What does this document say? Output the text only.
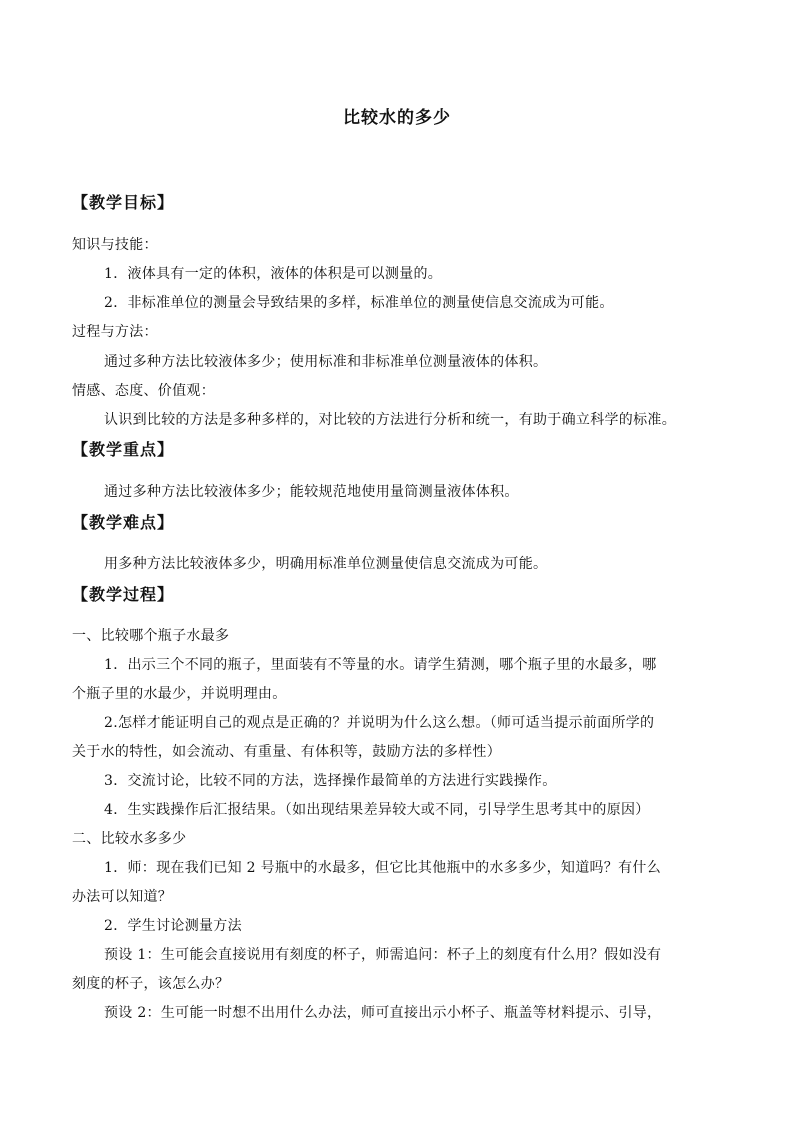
比较水的多少
【教学目标】
知识与技能：
1．液体具有一定的体积，液体的体积是可以测量的。
2．非标准单位的测量会导致结果的多样，标准单位的测量使信息交流成为可能。
过程与方法：
通过多种方法比较液体多少；使用标准和非标准单位测量液体的体积。
情感、态度、价值观：
认识到比较的方法是多种多样的，对比较的方法进行分析和统一，有助于确立科学的标准。
【教学重点】
通过多种方法比较液体多少；能较规范地使用量筒测量液体体积。
【教学难点】
用多种方法比较液体多少，明确用标准单位测量使信息交流成为可能。
【教学过程】
一、比较哪个瓶子水最多
1．出示三个不同的瓶子，里面装有不等量的水。请学生猜测，哪个瓶子里的水最多，哪
个瓶子里的水最少，并说明理由。
2.怎样才能证明自己的观点是正确的？并说明为什么这么想。（师可适当提示前面所学的
关于水的特性，如会流动、有重量、有体积等，鼓励方法的多样性）
3．交流讨论，比较不同的方法，选择操作最简单的方法进行实践操作。
4．生实践操作后汇报结果。（如出现结果差异较大或不同，引导学生思考其中的原因）
二、比较水多多少
1．师：现在我们已知 2 号瓶中的水最多，但它比其他瓶中的水多多少，知道吗？有什么
办法可以知道？
2．学生讨论测量方法
预设 1：生可能会直接说用有刻度的杯子，师需追问：杯子上的刻度有什么用？假如没有
刻度的杯子，该怎么办？
预设 2：生可能一时想不出用什么办法，师可直接出示小杯子、瓶盖等材料提示、引导，
